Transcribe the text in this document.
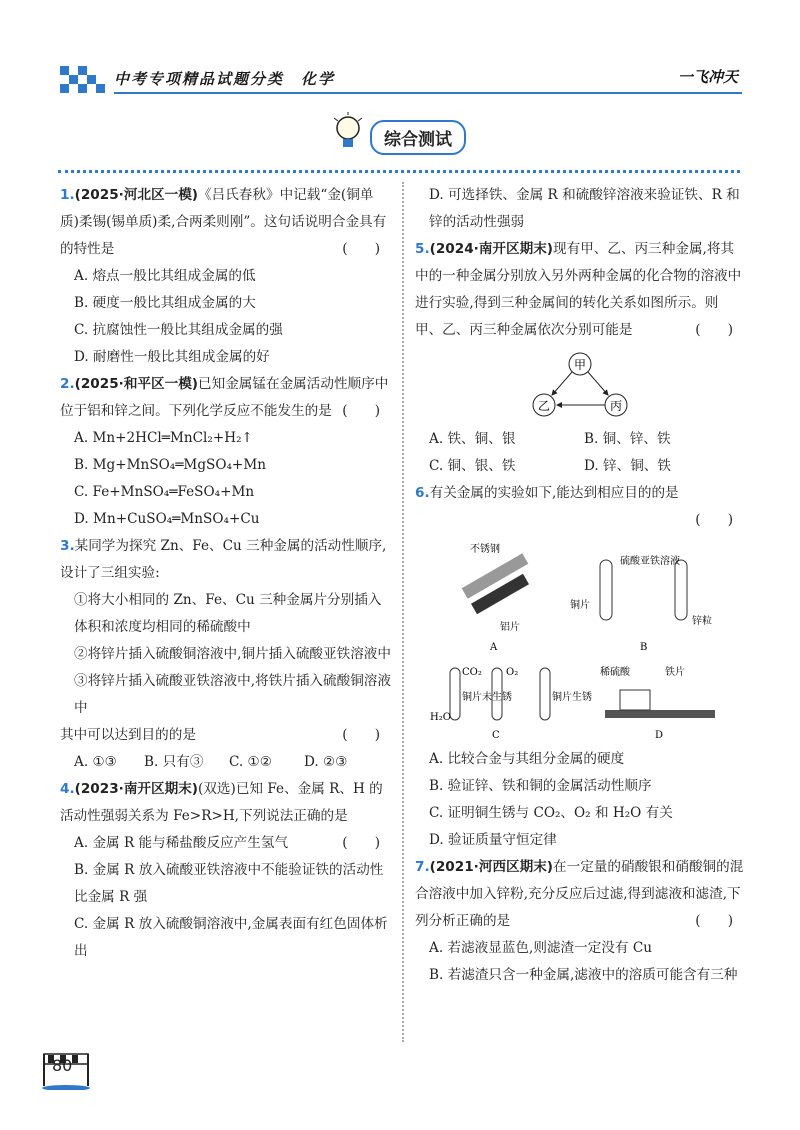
中考专项精品试题分类　化学	一飞冲天
综合测试
1.(2025·河北区一模)《吕氏春秋》中记载“金(铜单质)柔锡(锡单质)柔,合两柔则刚”。这句话说明合金具有的特性是	(　　)
A. 熔点一般比其组成金属的低
B. 硬度一般比其组成金属的大
C. 抗腐蚀性一般比其组成金属的强
D. 耐磨性一般比其组成金属的好
2.(2025·和平区一模)已知金属锰在金属活动性顺序中位于铝和锌之间。下列化学反应不能发生的是 (　　)
A. Mn+2HCl═MnCl₂+H₂↑
B. Mg+MnSO₄═MgSO₄+Mn
C. Fe+MnSO₄═FeSO₄+Mn
D. Mn+CuSO₄═MnSO₄+Cu
3.某同学为探究 Zn、Fe、Cu 三种金属的活动性顺序,设计了三组实验:
①将大小相同的 Zn、Fe、Cu 三种金属片分别插入体积和浓度均相同的稀硫酸中
②将锌片插入硫酸铜溶液中,铜片插入硫酸亚铁溶液中
③将锌片插入硫酸亚铁溶液中,将铁片插入硫酸铜溶液中
其中可以达到目的的是	(　　)
A. ①③	B. 只有③	C. ①②	D. ②③
4.(2023·南开区期末)(双选)已知 Fe、金属 R、H 的活动性强弱关系为 Fe>R>H,下列说法正确的是
(　　)
A. 金属 R 能与稀盐酸反应产生氢气
B. 金属 R 放入硫酸亚铁溶液中不能验证铁的活动性比金属 R 强
C. 金属 R 放入硫酸铜溶液中,金属表面有红色固体析出
D. 可选择铁、金属 R 和硫酸锌溶液来验证铁、R 和锌的活动性强弱
5.(2024·南开区期末)现有甲、乙、丙三种金属,将其中的一种金属分别放入另外两种金属的化合物的溶液中进行实验,得到三种金属间的转化关系如图所示。则甲、乙、丙三种金属依次分别可能是	(　　)
甲
乙	丙
A. 铁、铜、银	B. 铜、锌、铁
C. 铜、银、铁	D. 锌、铜、铁
6.有关金属的实验如下,能达到相应目的的是
(　　)
不锈钢
铝片
A
硫酸亚铁溶液
铜片
锌粒
B
CO₂ O₂
铜片未生锈	铜片生锈
H₂O
C
稀硫酸	铁片
D
A. 比较合金与其组分金属的硬度
B. 验证锌、铁和铜的金属活动性顺序
C. 证明铜生锈与 CO₂、O₂ 和 H₂O 有关
D. 验证质量守恒定律
7.(2021·河西区期末)在一定量的硝酸银和硝酸铜的混合溶液中加入锌粉,充分反应后过滤,得到滤液和滤渣,下列分析正确的是	(　　)
A. 若滤液显蓝色,则滤渣一定没有 Cu
B. 若滤渣只含一种金属,滤液中的溶质可能含有三种
80
